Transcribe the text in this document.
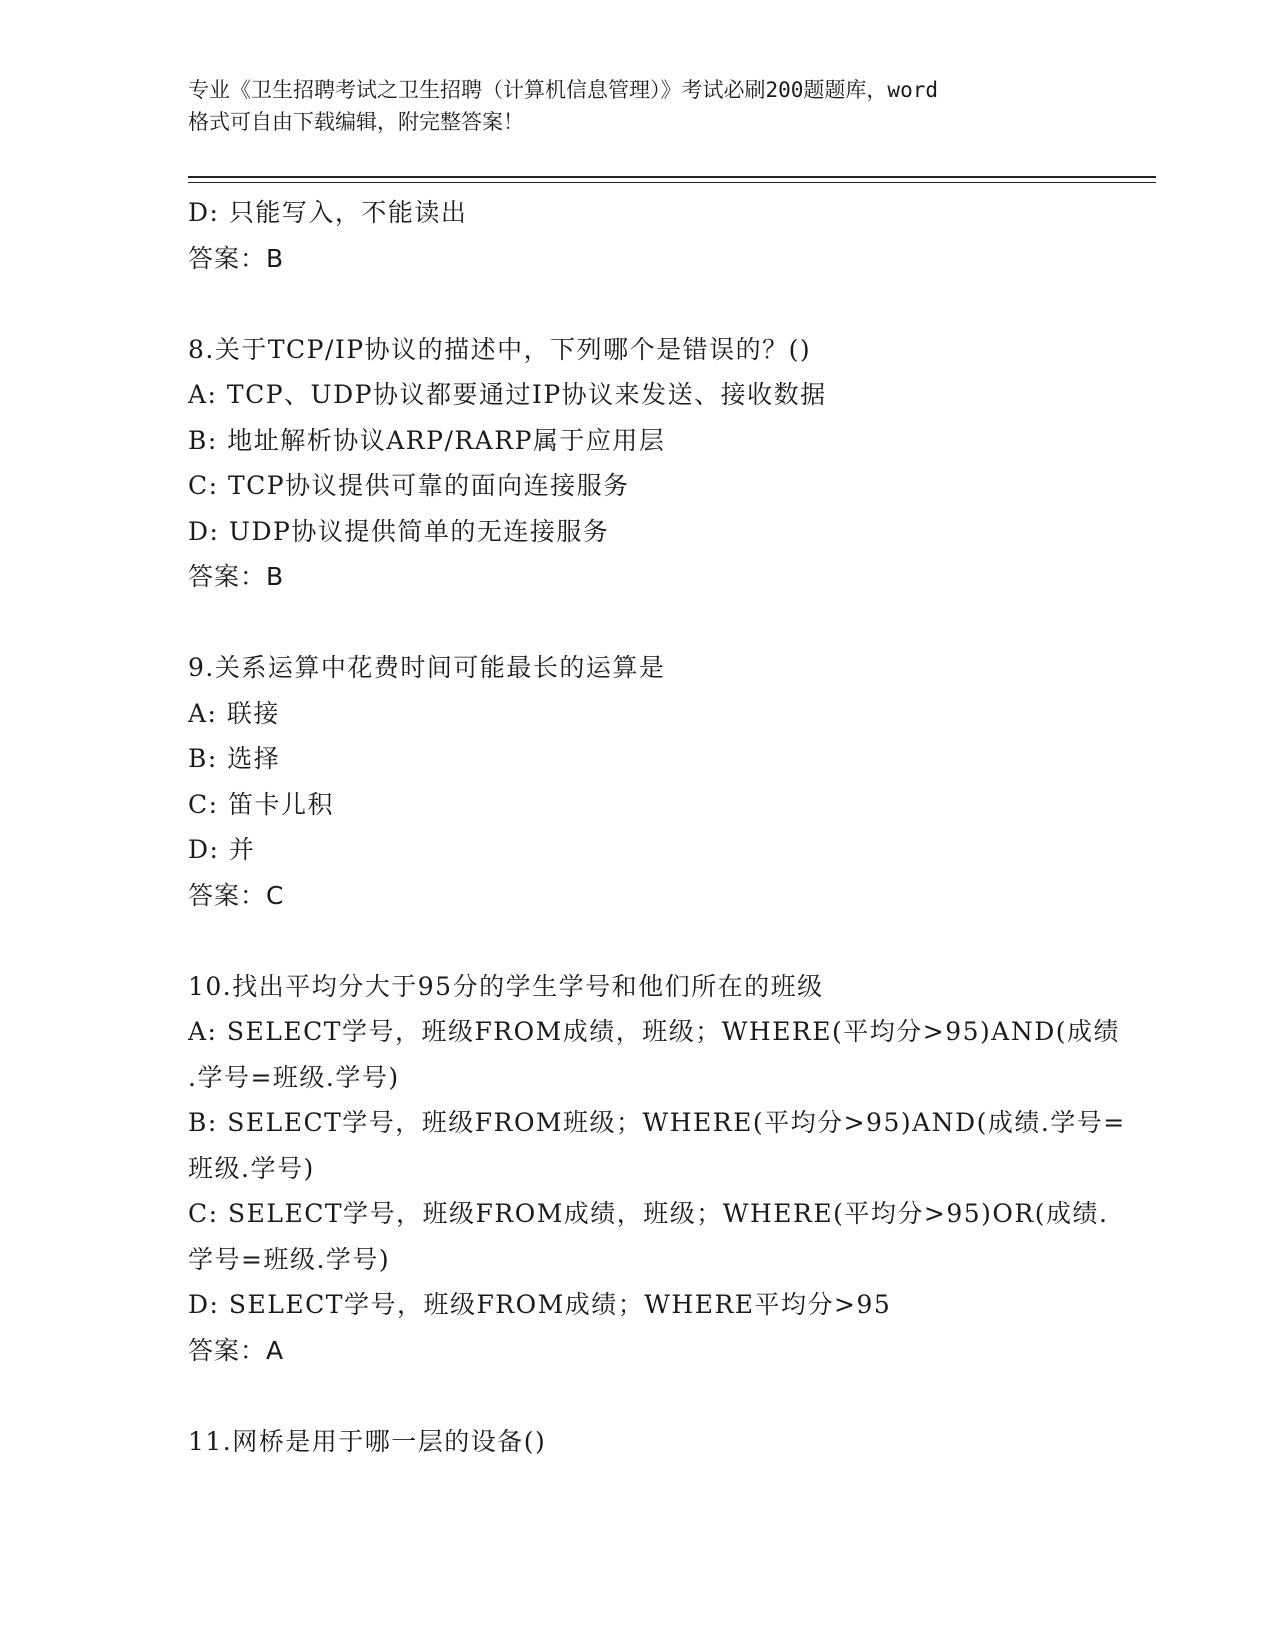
专业《卫生招聘考试之卫生招聘（计算机信息管理）》考试必刷200题题库，word
格式可自由下载编辑，附完整答案！
D: 只能写入，不能读出
答案：B
8.关于TCP/IP协议的描述中，下列哪个是错误的？()
A: TCP、UDP协议都要通过IP协议来发送、接收数据
B: 地址解析协议ARP/RARP属于应用层
C: TCP协议提供可靠的面向连接服务
D: UDP协议提供简单的无连接服务
答案：B
9.关系运算中花费时间可能最长的运算是
A: 联接
B: 选择
C: 笛卡儿积
D: 并
答案：C
10.找出平均分大于95分的学生学号和他们所在的班级
A: SELECT学号，班级FROM成绩，班级；WHERE(平均分>95)AND(成绩
.学号=班级.学号)
B: SELECT学号，班级FROM班级；WHERE(平均分>95)AND(成绩.学号=
班级.学号)
C: SELECT学号，班级FROM成绩，班级；WHERE(平均分>95)OR(成绩.
学号=班级.学号)
D: SELECT学号，班级FROM成绩；WHERE平均分>95
答案：A
11.网桥是用于哪一层的设备()
